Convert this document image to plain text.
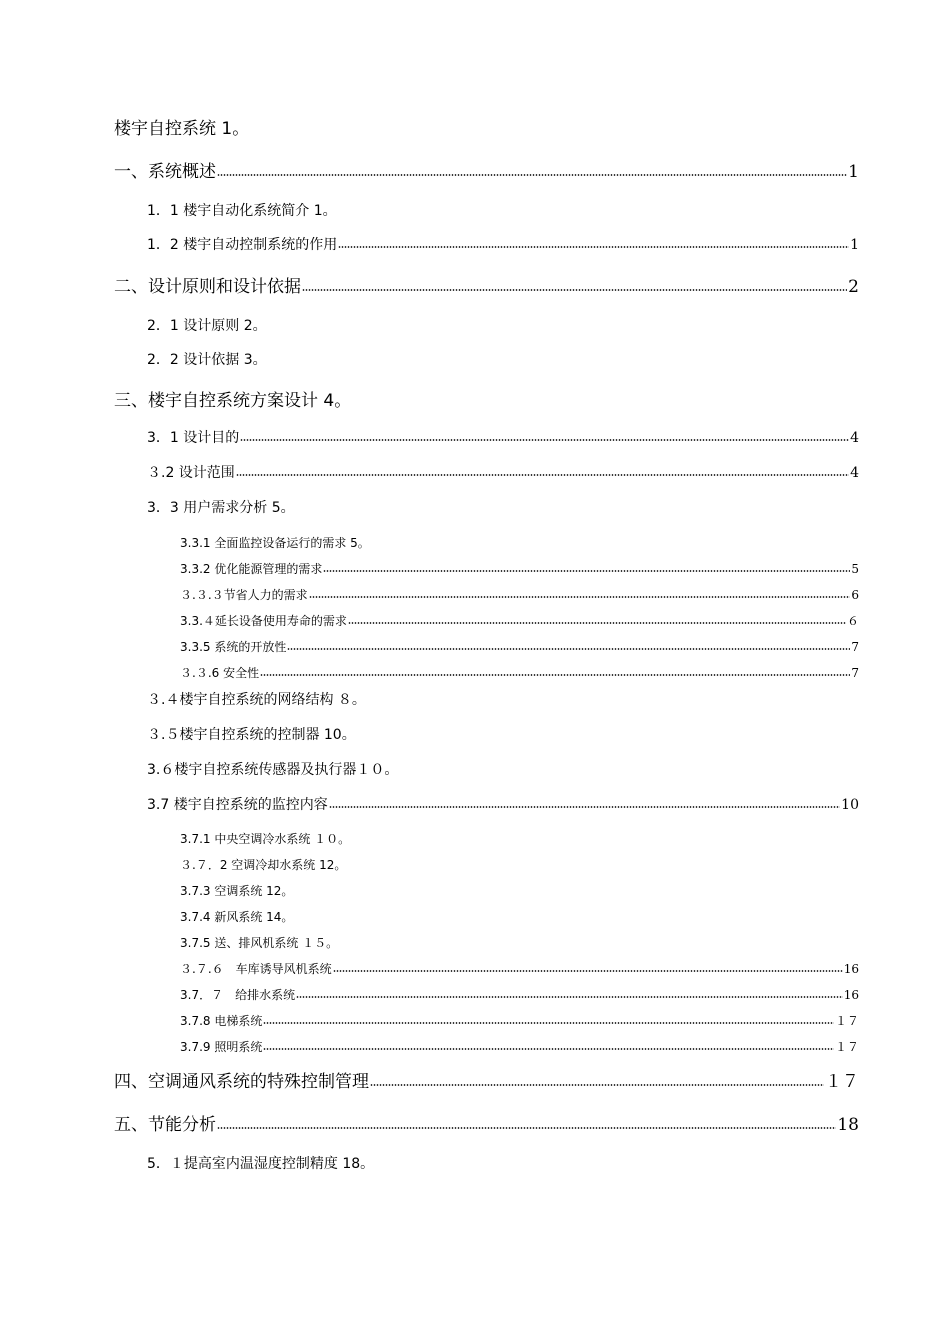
楼宇自控系统 1。
一、系统概述	1
1．1 楼宇自动化系统简介 1。
1．2 楼宇自动控制系统的作用	1
二、设计原则和设计依据	2
2．1 设计原则 2。
2．2 设计依据 3。
三、楼宇自控系统方案设计 4。
3．1 设计目的	4
３.2 设计范围	4
3．3 用户需求分析 5。
3.3.1 全面监控设备运行的需求 5。
3.3.2 优化能源管理的需求	5
３.３.３节省人力的需求	6
3.3.４延长设备使用寿命的需求	６
3.3.5 系统的开放性	7
３.３.6 安全性	7
３.４楼宇自控系统的网络结构 ８。
３.５楼宇自控系统的控制器 10。
3.６楼宇自控系统传感器及执行器１０。
3.7 楼宇自控系统的监控内容	10
3.7.1 中央空调冷水系统 １０。
３.７．2 空调冷却水系统 12。
3.7.3 空调系统 12。
3.7.4 新风系统 14。
3.7.5 送、排风机系统 １５。
３.７.６　车库诱导风机系统	16
3.7．７　给排水系统	16
3.7.8 电梯系统	１７
3.7.9 照明系统	１７
四、空调通风系统的特殊控制管理	１７
五、节能分析	18
5．１提高室内温湿度控制精度 18。
